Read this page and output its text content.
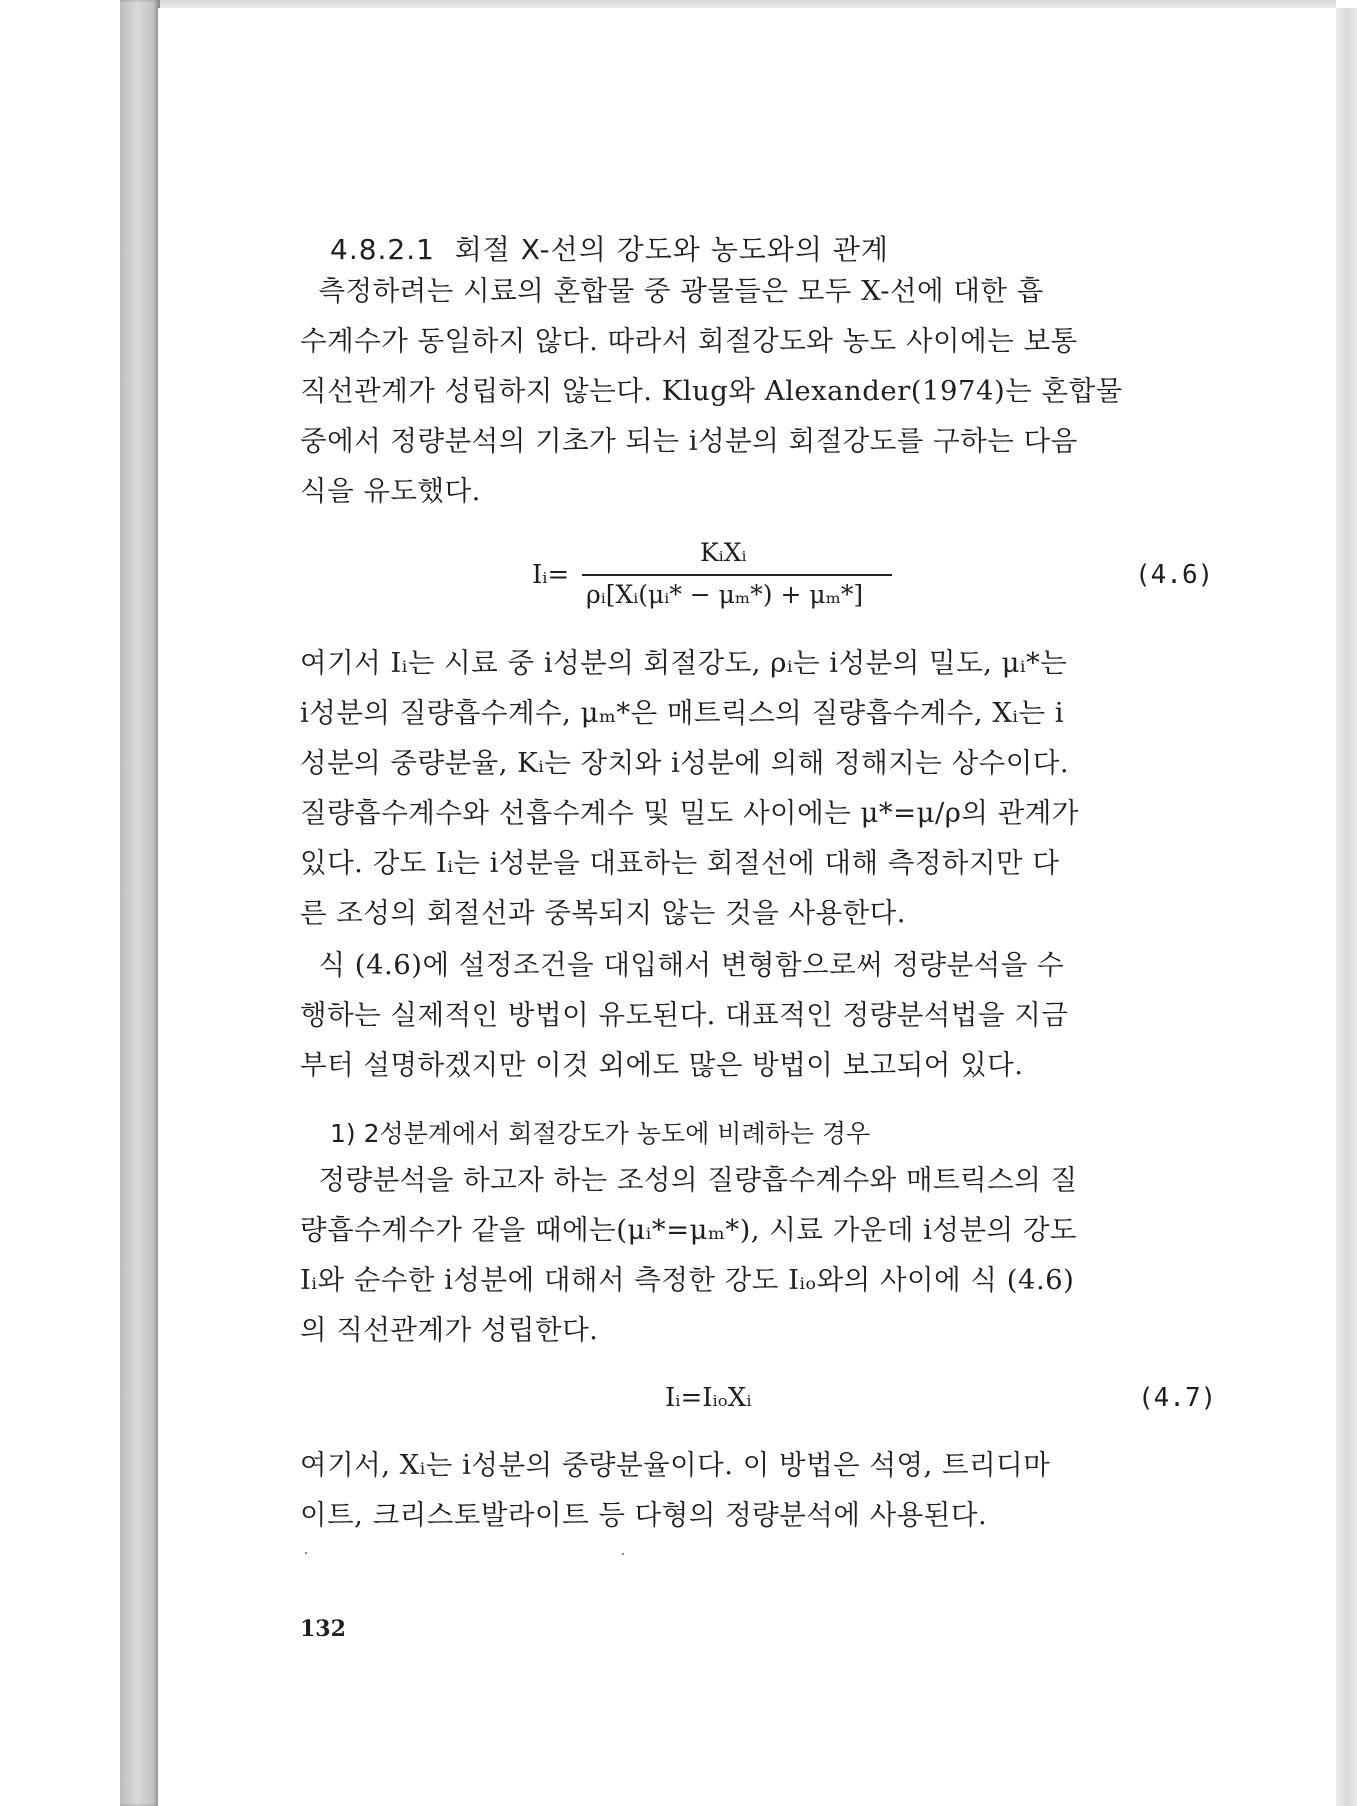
4.8.2.1  회절 X-선의 강도와 농도와의 관계
측정하려는 시료의 혼합물 중 광물들은 모두 X-선에 대한 흡
수계수가 동일하지 않다. 따라서 회절강도와 농도 사이에는 보통
직선관계가 성립하지 않는다. Klug와 Alexander(1974)는 혼합물
중에서 정량분석의 기초가 되는 i성분의 회절강도를 구하는 다음
식을 유도했다.
Iᵢ=
KᵢXᵢ
ρᵢ[Xᵢ(μᵢ* − μₘ*) + μₘ*]
(4.6)
여기서 Iᵢ는 시료 중 i성분의 회절강도, ρᵢ는 i성분의 밀도, μᵢ*는
i성분의 질량흡수계수, μₘ*은 매트릭스의 질량흡수계수, Xᵢ는 i
성분의 중량분율, Kᵢ는 장치와 i성분에 의해 정해지는 상수이다.
질량흡수계수와 선흡수계수 및 밀도 사이에는 μ*=μ/ρ의 관계가
있다. 강도 Iᵢ는 i성분을 대표하는 회절선에 대해 측정하지만 다
른 조성의 회절선과 중복되지 않는 것을 사용한다.
식 (4.6)에 설정조건을 대입해서 변형함으로써 정량분석을 수
행하는 실제적인 방법이 유도된다. 대표적인 정량분석법을 지금
부터 설명하겠지만 이것 외에도 많은 방법이 보고되어 있다.
1) 2성분계에서 회절강도가 농도에 비례하는 경우
정량분석을 하고자 하는 조성의 질량흡수계수와 매트릭스의 질
량흡수계수가 같을 때에는(μᵢ*=μₘ*), 시료 가운데 i성분의 강도
Iᵢ와 순수한 i성분에 대해서 측정한 강도 Iᵢₒ와의 사이에 식 (4.6)
의 직선관계가 성립한다.
Iᵢ=IᵢₒXᵢ	(4.7)
여기서, Xᵢ는 i성분의 중량분율이다. 이 방법은 석영, 트리디마
이트, 크리스토발라이트 등 다형의 정량분석에 사용된다.
132
